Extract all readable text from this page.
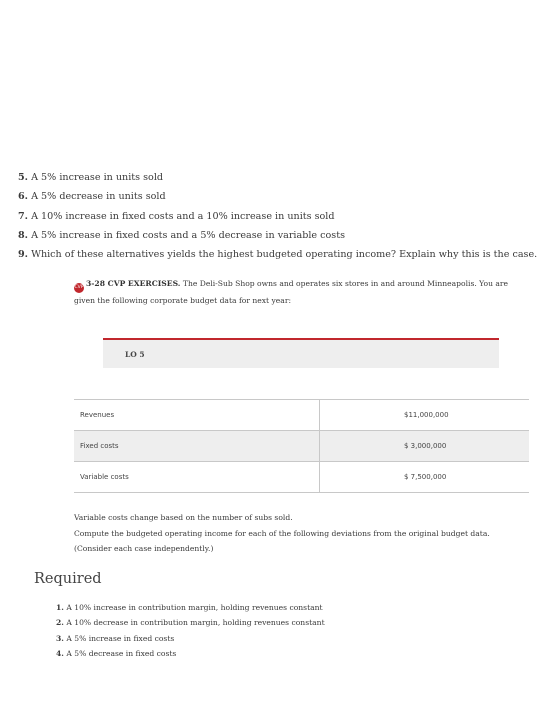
5. A 5% increase in units sold
6. A 5% decrease in units sold
7. A 10% increase in fixed costs and a 10% increase in units sold
8. A 5% increase in fixed costs and a 5% decrease in variable costs
9. Which of these alternatives yields the highest budgeted operating income? Explain why this is the case.
CVP 3-28 CVP EXERCISES. The Deli-Sub Shop owns and operates six stores in and around Minneapolis. You are given the following corporate budget data for next year:
LO 5
Revenues	$11,000,000
Fixed costs	$ 3,000,000
Variable costs	$ 7,500,000
Variable costs change based on the number of subs sold.
Compute the budgeted operating income for each of the following deviations from the original budget data. (Consider each case independently.)
Required
1. A 10% increase in contribution margin, holding revenues constant
2. A 10% decrease in contribution margin, holding revenues constant
3. A 5% increase in fixed costs
4. A 5% decrease in fixed costs
